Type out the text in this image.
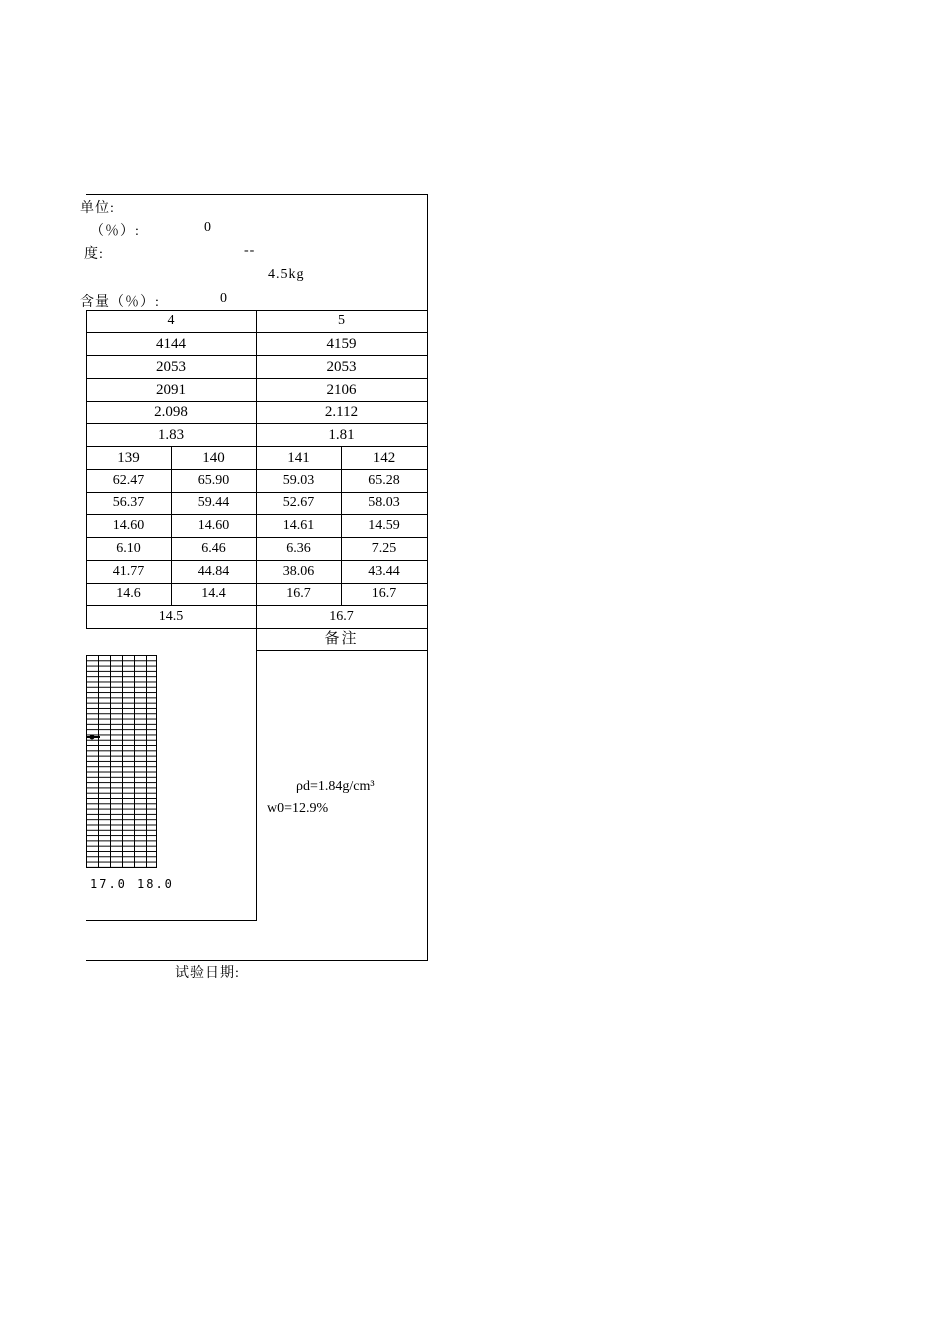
单位:
（％）:	0
度:	--
4.5kg
含量（％）:	0
4	5
4144	4159
2053	2053
2091	2106
2.098	2.112
1.83	1.81
139	140	141	142
62.47	65.90	59.03	65.28
56.37	59.44	52.67	58.03
14.60	14.60	14.61	14.59
6.10	6.46	6.36	7.25
41.77	44.84	38.06	43.44
14.6	14.4	16.7	16.7
14.5	16.7
备注
ρd=1.84g/cm³
w0=12.9%
17.0 18.0
试验日期:
